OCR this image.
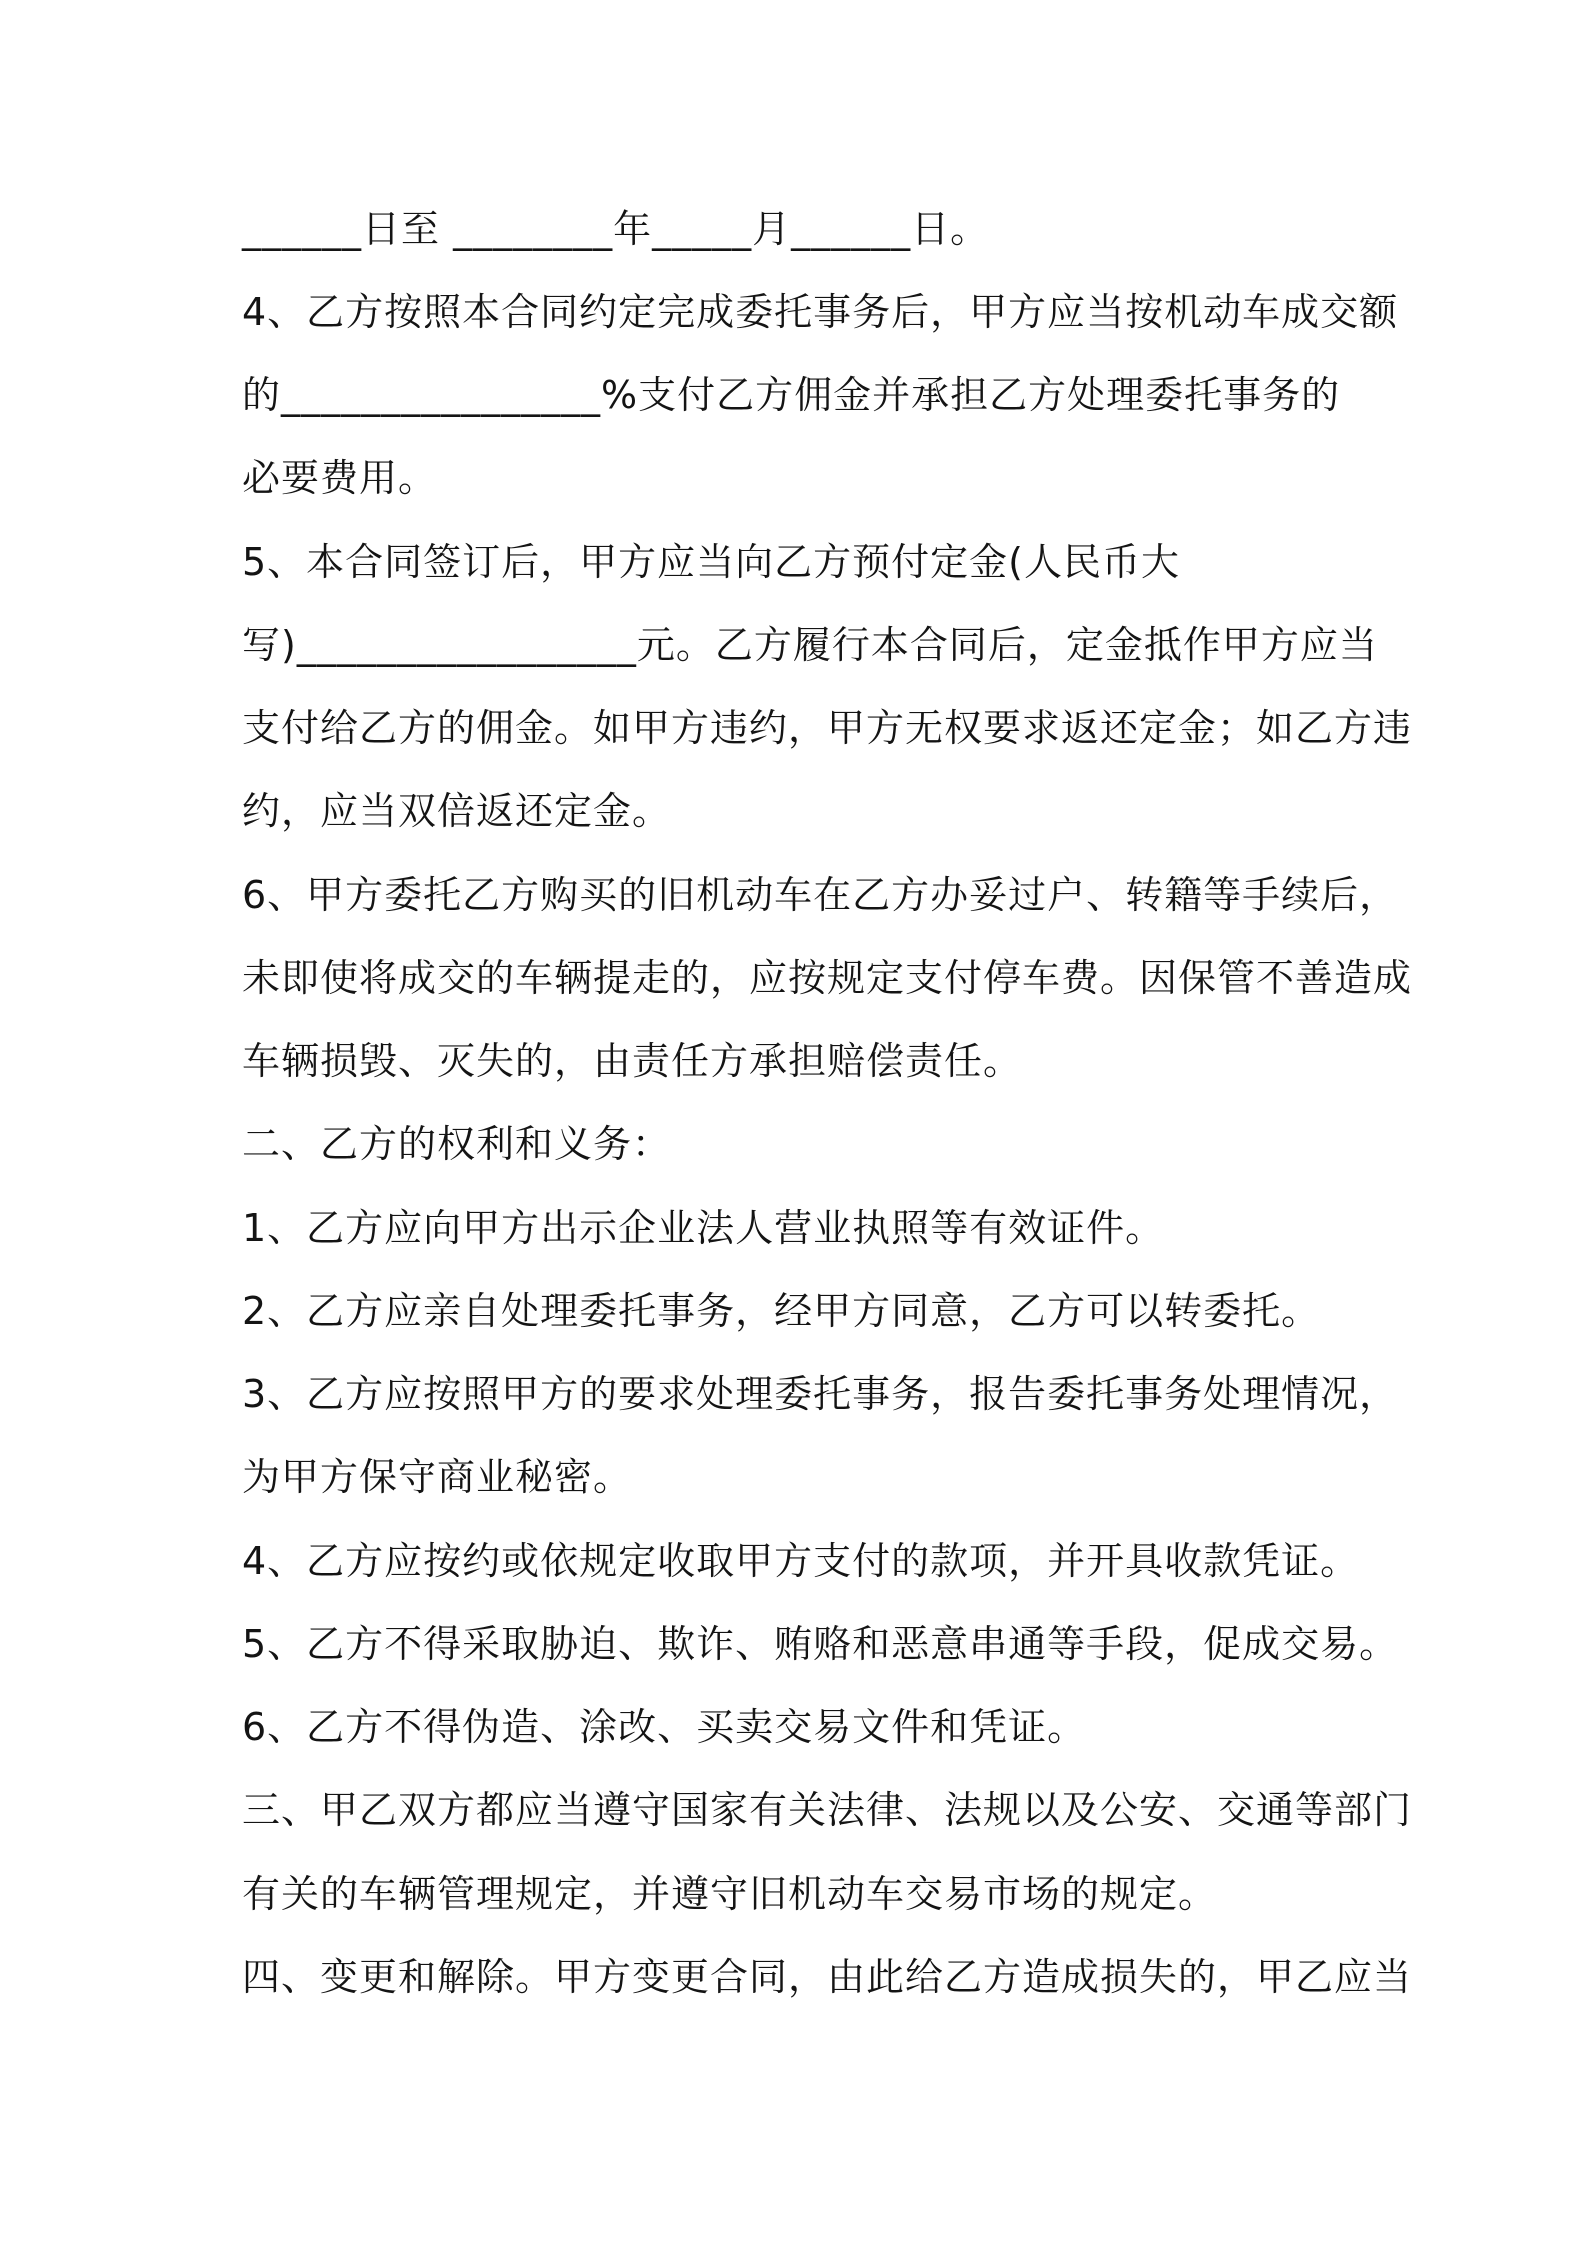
______日至 ________年_____月______日。
4、乙方按照本合同约定完成委托事务后，甲方应当按机动车成交额
的________________%支付乙方佣金并承担乙方处理委托事务的
必要费用。
5、本合同签订后，甲方应当向乙方预付定金(人民币大
写)_________________元。乙方履行本合同后，定金抵作甲方应当
支付给乙方的佣金。如甲方违约，甲方无权要求返还定金；如乙方违
约，应当双倍返还定金。
6、甲方委托乙方购买的旧机动车在乙方办妥过户、转籍等手续后，
未即使将成交的车辆提走的，应按规定支付停车费。因保管不善造成
车辆损毁、灭失的，由责任方承担赔偿责任。
二、乙方的权利和义务：
1、乙方应向甲方出示企业法人营业执照等有效证件。
2、乙方应亲自处理委托事务，经甲方同意，乙方可以转委托。
3、乙方应按照甲方的要求处理委托事务，报告委托事务处理情况，
为甲方保守商业秘密。
4、乙方应按约或依规定收取甲方支付的款项，并开具收款凭证。
5、乙方不得采取胁迫、欺诈、贿赂和恶意串通等手段，促成交易。
6、乙方不得伪造、涂改、买卖交易文件和凭证。
三、甲乙双方都应当遵守国家有关法律、法规以及公安、交通等部门
有关的车辆管理规定，并遵守旧机动车交易市场的规定。
四、变更和解除。甲方变更合同，由此给乙方造成损失的，甲乙应当
